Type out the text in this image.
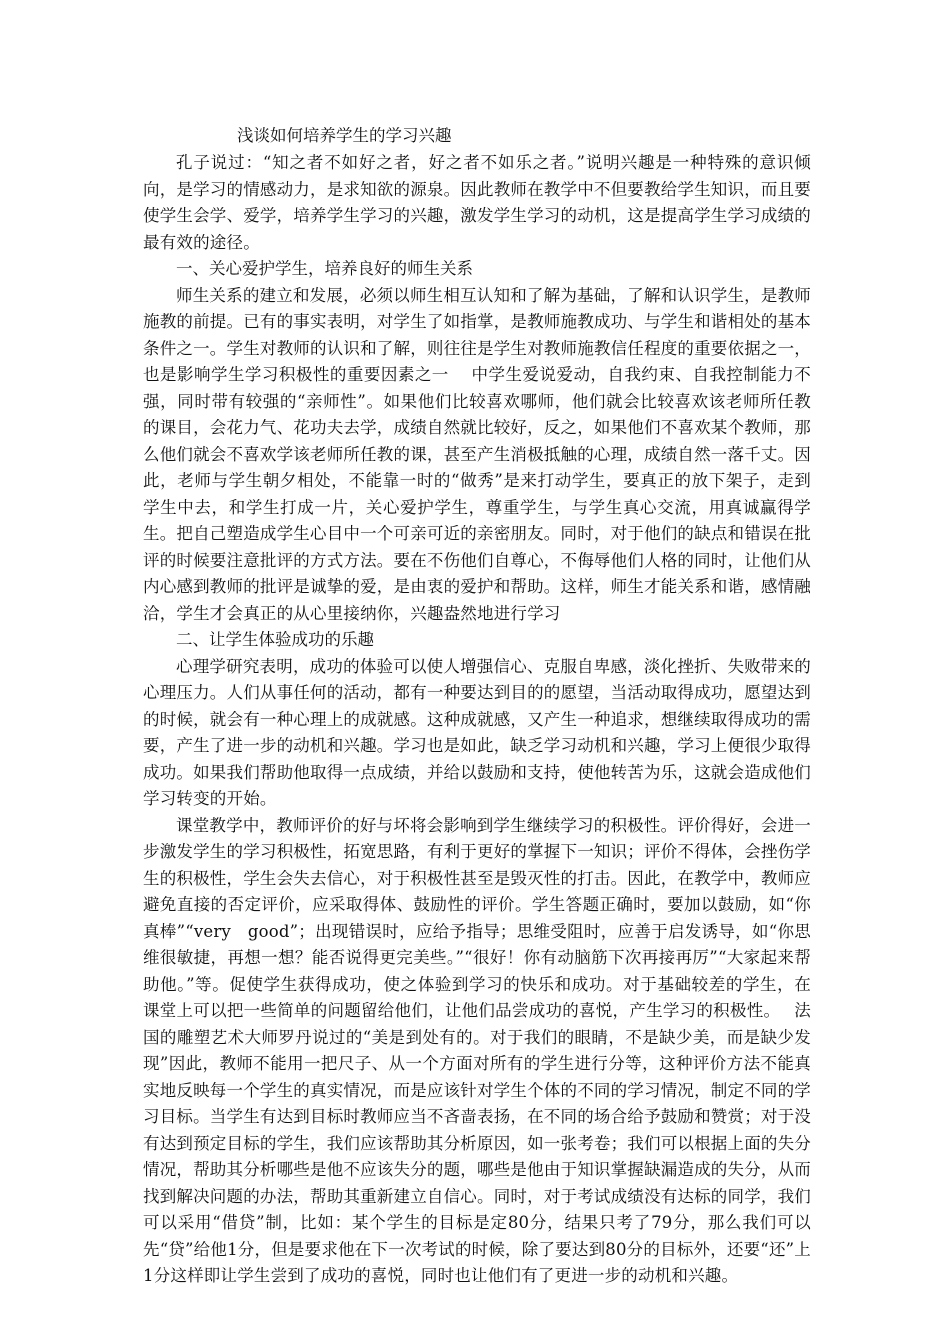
浅谈如何培养学生的学习兴趣

孔子说过：“知之者不如好之者，好之者不如乐之者。”说明兴趣是一种特殊的意识倾向，是学习的情感动力，是求知欲的源泉。因此教师在教学中不但要教给学生知识，而且要使学生会学、爱学，培养学生学习的兴趣，激发学生学习的动机，这是提高学生学习成绩的最有效的途径。

一、关心爱护学生，培养良好的师生关系

师生关系的建立和发展，必须以师生相互认知和了解为基础，了解和认识学生，是教师施教的前提。已有的事实表明，对学生了如指掌，是教师施教成功、与学生和谐相处的基本条件之一。学生对教师的认识和了解，则往往是学生对教师施教信任程度的重要依据之一，也是影响学生学习积极性的重要因素之一　 中学生爱说爱动，自我约束、自我控制能力不强，同时带有较强的“亲师性”。如果他们比较喜欢哪师，他们就会比较喜欢该老师所任教的课目，会花力气、花功夫去学，成绩自然就比较好，反之，如果他们不喜欢某个教师，那么他们就会不喜欢学该老师所任教的课，甚至产生消极抵触的心理，成绩自然一落千丈。因此，老师与学生朝夕相处，不能靠一时的“做秀”是来打动学生，要真正的放下架子，走到学生中去，和学生打成一片，关心爱护学生，尊重学生，与学生真心交流，用真诚赢得学生。把自己塑造成学生心目中一个可亲可近的亲密朋友。同时，对于他们的缺点和错误在批评的时候要注意批评的方式方法。要在不伤他们自尊心，不侮辱他们人格的同时，让他们从内心感到教师的批评是诚挚的爱，是由衷的爱护和帮助。这样，师生才能关系和谐，感情融洽，学生才会真正的从心里接纳你，兴趣盎然地进行学习

二、让学生体验成功的乐趣

心理学研究表明，成功的体验可以使人增强信心、克服自卑感，淡化挫折、失败带来的心理压力。人们从事任何的活动，都有一种要达到目的的愿望，当活动取得成功，愿望达到的时候，就会有一种心理上的成就感。这种成就感，又产生一种追求，想继续取得成功的需要，产生了进一步的动机和兴趣。学习也是如此，缺乏学习动机和兴趣，学习上便很少取得成功。如果我们帮助他取得一点成绩，并给以鼓励和支持，使他转苦为乐，这就会造成他们学习转变的开始。

课堂教学中，教师评价的好与坏将会影响到学生继续学习的积极性。评价得好，会进一步激发学生的学习积极性，拓宽思路，有利于更好的掌握下一知识；评价不得体，会挫伤学生的积极性，学生会失去信心，对于积极性甚至是毁灭性的打击。因此，在教学中，教师应避免直接的否定评价，应采取得体、鼓励性的评价。学生答题正确时，要加以鼓励，如“你真棒”“very　good”；出现错误时，应给予指导；思维受阻时，应善于启发诱导，如“你思维很敏捷，再想一想？能否说得更完美些。”“很好！你有动脑筋下次再接再厉”“大家起来帮助他。”等。促使学生获得成功，使之体验到学习的快乐和成功。对于基础较差的学生，在课堂上可以把一些简单的问题留给他们，让他们品尝成功的喜悦，产生学习的积极性。　 法国的雕塑艺术大师罗丹说过的“美是到处有的。对于我们的眼睛，不是缺少美，而是缺少发现”因此，教师不能用一把尺子、从一个方面对所有的学生进行分等，这种评价方法不能真实地反映每一个学生的真实情况，而是应该针对学生个体的不同的学习情况，制定不同的学习目标。当学生有达到目标时教师应当不吝啬表扬，在不同的场合给予鼓励和赞赏；对于没有达到预定目标的学生，我们应该帮助其分析原因，如一张考卷；我们可以根据上面的失分情况，帮助其分析哪些是他不应该失分的题，哪些是他由于知识掌握缺漏造成的失分，从而找到解决问题的办法，帮助其重新建立自信心。同时，对于考试成绩没有达标的同学，我们可以采用“借贷”制，比如：某个学生的目标是定80分，结果只考了79分，那么我们可以先“贷”给他1分，但是要求他在下一次考试的时候，除了要达到80分的目标外，还要“还”上1分这样即让学生尝到了成功的喜悦，同时也让他们有了更进一步的动机和兴趣。
